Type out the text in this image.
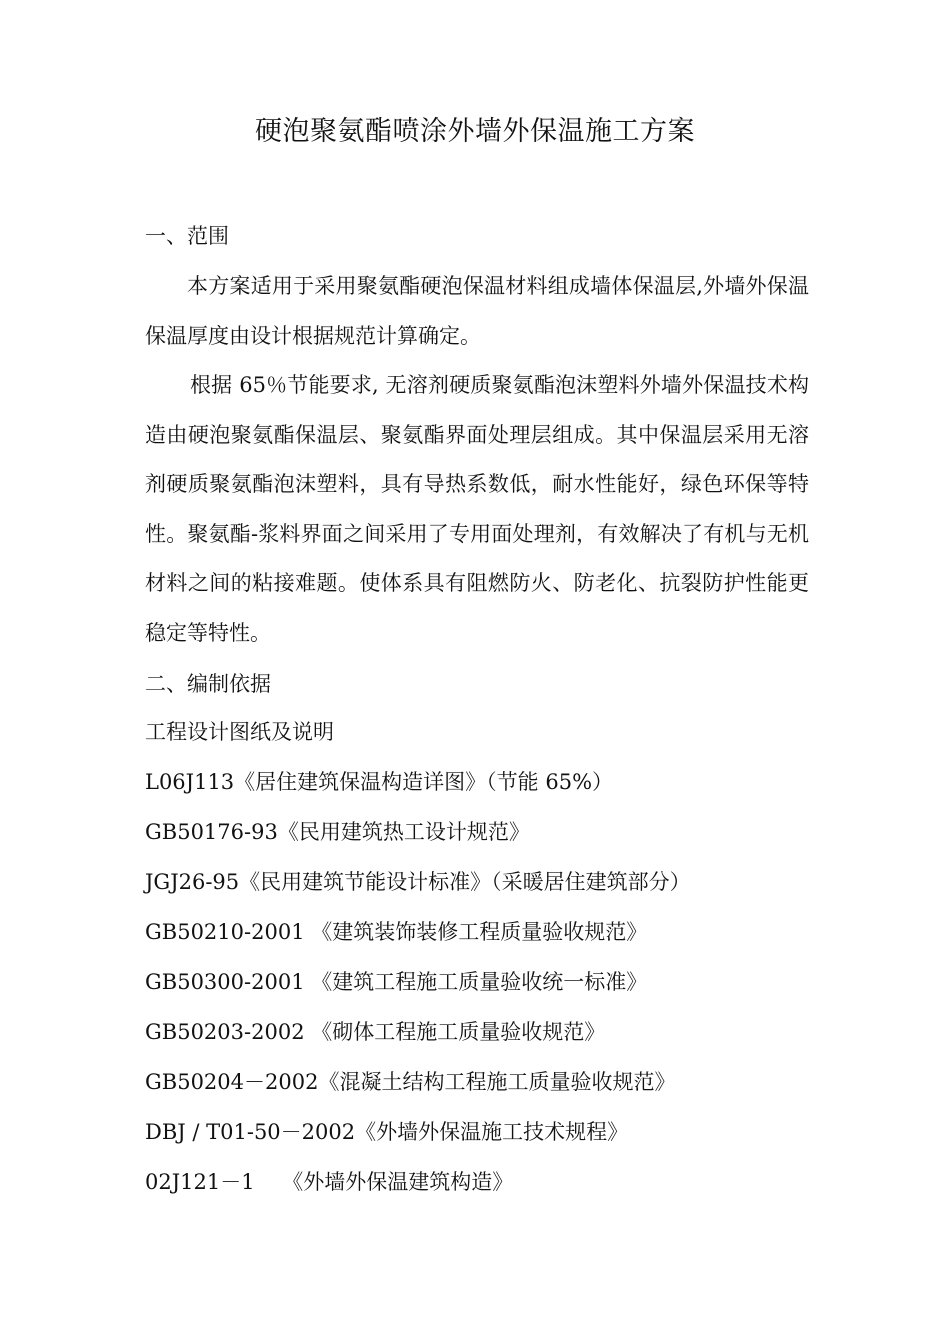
硬泡聚氨酯喷涂外墙外保温施工方案
一、范围
本方案适用于采用聚氨酯硬泡保温材料组成墙体保温层,外墙外保温保温厚度由设计根据规范计算确定。
根据 65％节能要求, 无溶剂硬质聚氨酯泡沫塑料外墙外保温技术构造由硬泡聚氨酯保温层、聚氨酯界面处理层组成。其中保温层采用无溶剂硬质聚氨酯泡沫塑料，具有导热系数低，耐水性能好，绿色环保等特性。聚氨酯-浆料界面之间采用了专用面处理剂，有效解决了有机与无机材料之间的粘接难题。使体系具有阻燃防火、防老化、抗裂防护性能更稳定等特性。
二、编制依据
工程设计图纸及说明
L06J113《居住建筑保温构造详图》（节能 65%）
GB50176-93《民用建筑热工设计规范》
JGJ26-95《民用建筑节能设计标准》（采暖居住建筑部分）
GB50210-2001 《建筑装饰装修工程质量验收规范》
GB50300-2001 《建筑工程施工质量验收统一标准》
GB50203-2002 《砌体工程施工质量验收规范》
GB50204－2002《混凝土结构工程施工质量验收规范》
DBJ / T01-50－2002《外墙外保温施工技术规程》
02J121－1　 《外墙外保温建筑构造》
